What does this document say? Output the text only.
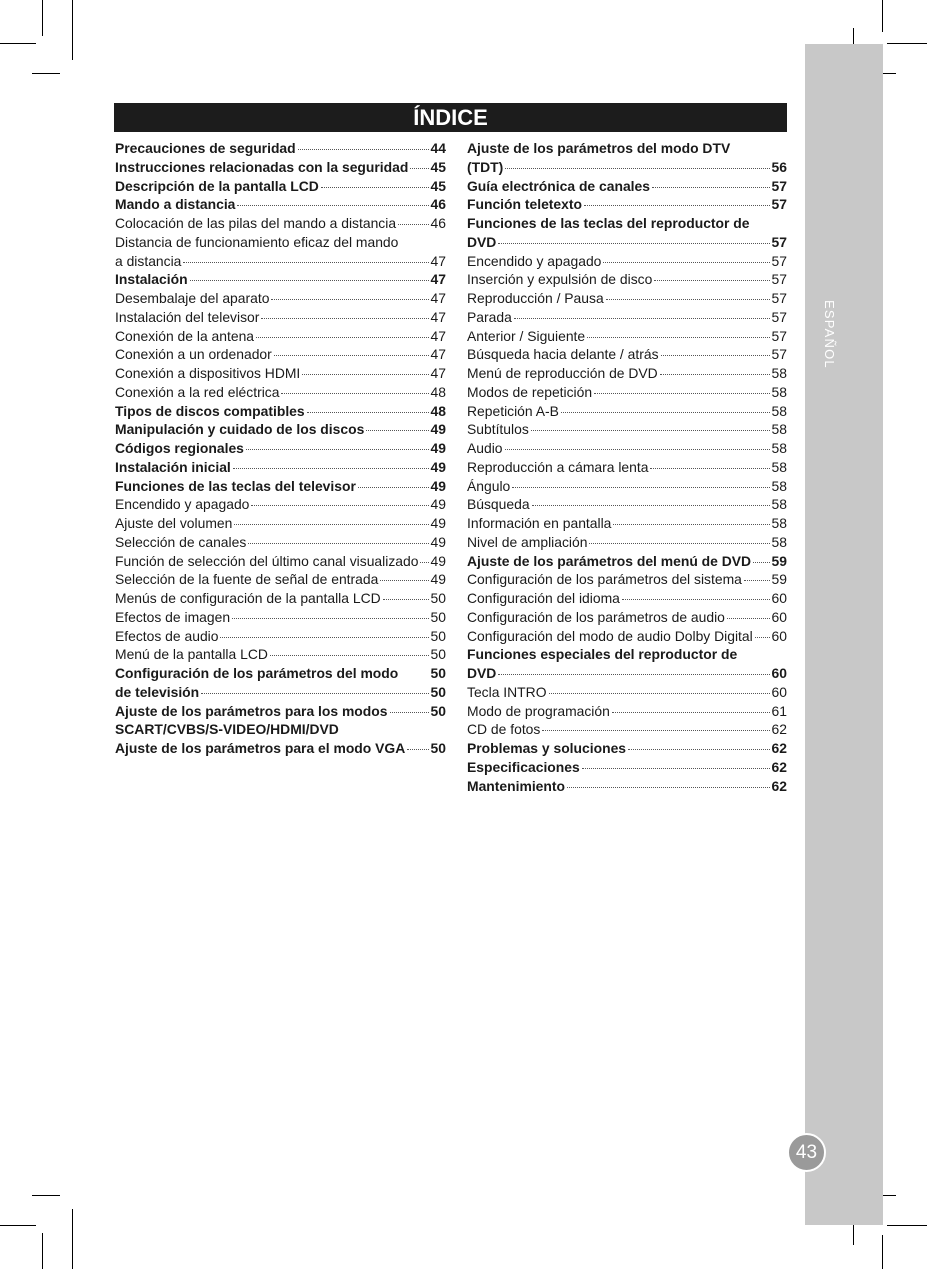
ESPAÑOL
43
ÍNDICE
Precauciones de seguridad	44
Instrucciones relacionadas con la seguridad 45
Descripción de la pantalla LCD	45
Mando a distancia	46
Colocación de las pilas del mando a distancia 46
Distancia de funcionamiento eficaz del mando
a distancia	47
Instalación	47
Desembalaje del aparato	47
Instalación del televisor	47
Conexión de la antena	47
Conexión a un ordenador	47
Conexión a dispositivos HDMI	47
Conexión a la red eléctrica	48
Tipos de discos compatibles	48
Manipulación y cuidado de los discos	49
Códigos regionales	49
Instalación inicial	49
Funciones de las teclas del televisor	49
Encendido y apagado	49
Ajuste del volumen	49
Selección de canales	49
Función de selección del último canal visualizado 49
Selección de la fuente de señal de entrada	49
Menús de configuración de la pantalla LCD	50
Efectos de imagen	50
Efectos de audio	50
Menú de la pantalla LCD	50
Configuración de los parámetros del modo 50
de televisión	50
Ajuste de los parámetros para los modos	50
SCART/CVBS/S-VIDEO/HDMI/DVD
Ajuste de los parámetros para el modo VGA 50
Ajuste de los parámetros del modo DTV
(TDT)	56
Guía electrónica de canales	57
Función teletexto	57
Funciones de las teclas del reproductor de
DVD	57
Encendido y apagado	57
Inserción y expulsión de disco	57
Reproducción / Pausa	57
Parada	57
Anterior / Siguiente	57
Búsqueda hacia delante / atrás	57
Menú de reproducción de DVD	58
Modos de repetición	58
Repetición A-B	58
Subtítulos	58
Audio	58
Reproducción a cámara lenta	58
Ángulo	58
Búsqueda	58
Información en pantalla	58
Nivel de ampliación	58
Ajuste de los parámetros del menú de DVD 59
Configuración de los parámetros del sistema 59
Configuración del idioma	60
Configuración de los parámetros de audio	60
Configuración del modo de audio Dolby Digital 60
Funciones especiales del reproductor de
DVD	60
Tecla INTRO	60
Modo de programación	61
CD de fotos	62
Problemas y soluciones	62
Especificaciones	62
Mantenimiento	62
